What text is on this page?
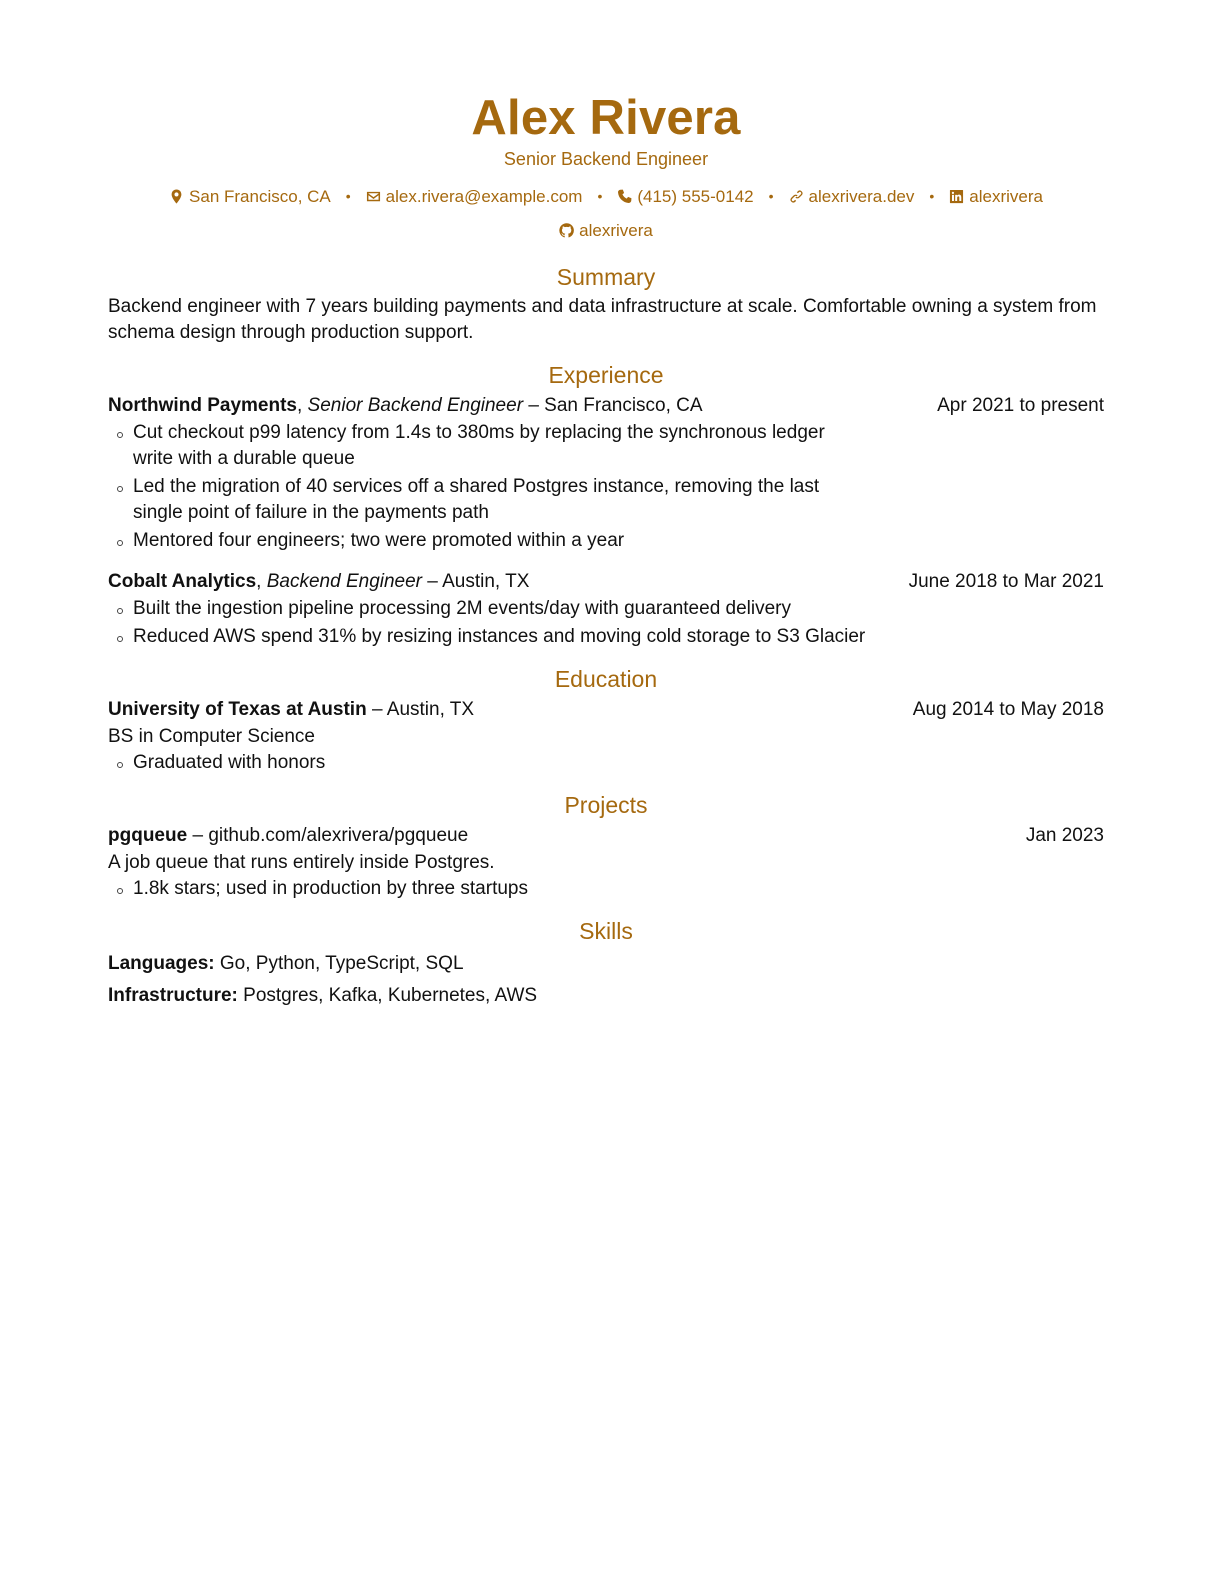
Alex Rivera
Senior Backend Engineer
San Francisco, CA • alex.rivera@example.com • (415) 555-0142 • alexrivera.dev • alexrivera
alexrivera
Summary

Backend engineer with 7 years building payments and data infrastructure at scale. Comfortable owning a system from schema design through production support.

Experience
Northwind Payments, Senior Backend Engineer – San Francisco, CA	Apr 2021 to present
Cut checkout p99 latency from 1.4s to 380ms by replacing the synchronous ledger write with a durable queue
Led the migration of 40 services off a shared Postgres instance, removing the last single point of failure in the payments path
Mentored four engineers; two were promoted within a year
Cobalt Analytics, Backend Engineer – Austin, TX	June 2018 to Mar 2021
Built the ingestion pipeline processing 2M events/day with guaranteed delivery
Reduced AWS spend 31% by resizing instances and moving cold storage to S3 Glacier
Education
University of Texas at Austin – Austin, TX	Aug 2014 to May 2018
BS in Computer Science
Graduated with honors
Projects
pgqueue – github.com/alexrivera/pgqueue	Jan 2023
A job queue that runs entirely inside Postgres.
1.8k stars; used in production by three startups
Skills
Languages: Go, Python, TypeScript, SQL
Infrastructure: Postgres, Kafka, Kubernetes, AWS
